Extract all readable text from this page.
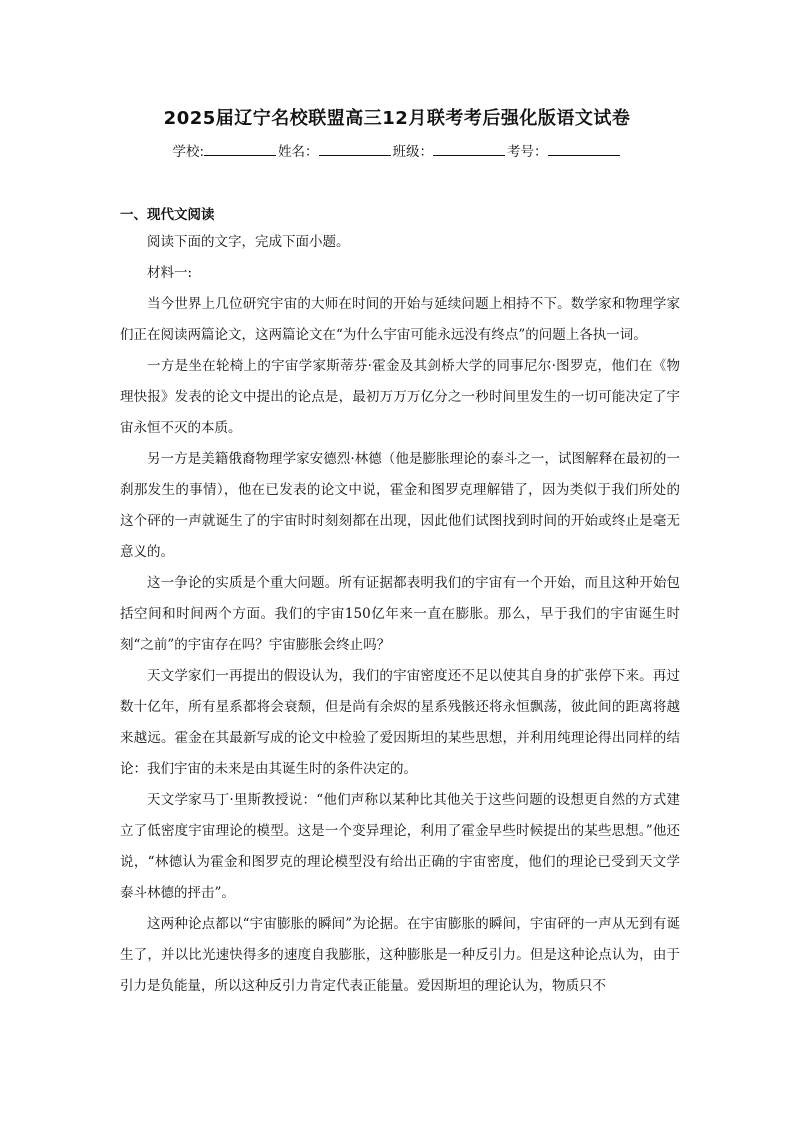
2025届辽宁名校联盟高三12月联考考后强化版语文试卷
学校:	姓名：	班级：	考号：
一、现代文阅读

阅读下面的文字，完成下面小题。

材料一:

当今世界上几位研究宇宙的大师在时间的开始与延续问题上相持不下。数学家和物理学家们正在阅读两篇论文，这两篇论文在“为什么宇宙可能永远没有终点”的问题上各执一词。

一方是坐在轮椅上的宇宙学家斯蒂芬·霍金及其剑桥大学的同事尼尔·图罗克，他们在《物理快报》发表的论文中提出的论点是，最初万万万亿分之一秒时间里发生的一切可能决定了宇宙永恒不灭的本质。

另一方是美籍俄裔物理学家安德烈·林德（他是膨胀理论的泰斗之一，试图解释在最初的一刹那发生的事情），他在已发表的论文中说，霍金和图罗克理解错了，因为类似于我们所处的这个砰的一声就诞生了的宇宙时时刻刻都在出现，因此他们试图找到时间的开始或终止是毫无意义的。

这一争论的实质是个重大问题。所有证据都表明我们的宇宙有一个开始，而且这种开始包括空间和时间两个方面。我们的宇宙150亿年来一直在膨胀。那么，早于我们的宇宙诞生时刻“之前”的宇宙存在吗？宇宙膨胀会终止吗？

天文学家们一再提出的假设认为，我们的宇宙密度还不足以使其自身的扩张停下来。再过数十亿年，所有星系都将会衰颓，但是尚有余烬的星系残骸还将永恒飘荡，彼此间的距离将越来越远。霍金在其最新写成的论文中检验了爱因斯坦的某些思想，并利用纯理论得出同样的结论：我们宇宙的未来是由其诞生时的条件决定的。

天文学家马丁·里斯教授说：“他们声称以某种比其他关于这些问题的设想更自然的方式建立了低密度宇宙理论的模型。这是一个变异理论，利用了霍金早些时候提出的某些思想。”他还说，“林德认为霍金和图罗克的理论模型没有给出正确的宇宙密度，他们的理论已受到天文学泰斗林德的抨击”。

这两种论点都以“宇宙膨胀的瞬间”为论据。在宇宙膨胀的瞬间，宇宙砰的一声从无到有诞生了，并以比光速快得多的速度自我膨胀，这种膨胀是一种反引力。但是这种论点认为，由于引力是负能量，所以这种反引力肯定代表正能量。爱因斯坦的理论认为，物质只不
